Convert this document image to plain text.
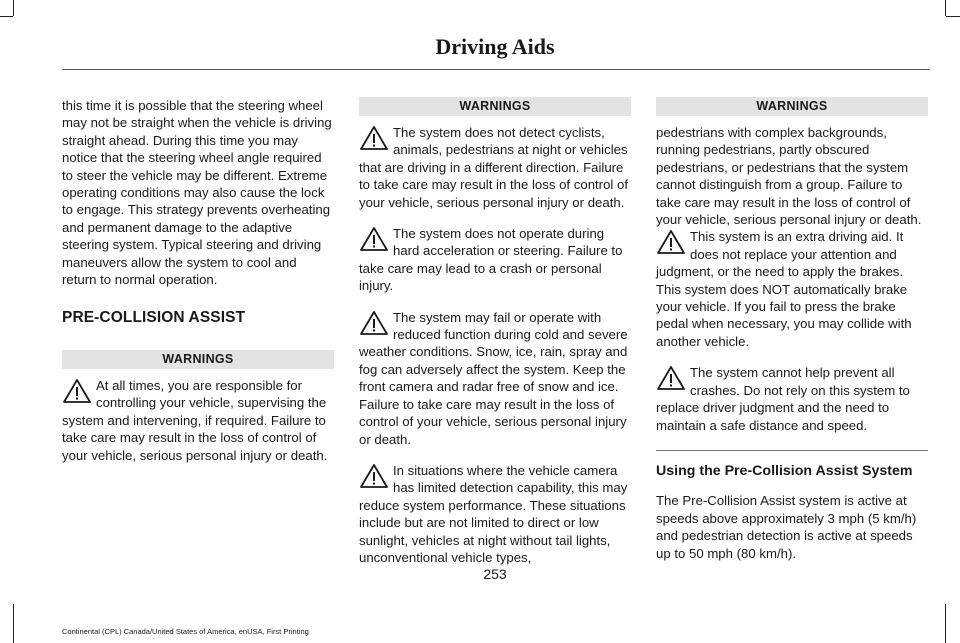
Driving Aids

this time it is possible that the steering wheel may not be straight when the vehicle is driving straight ahead. During this time you may notice that the steering wheel angle required to steer the vehicle may be different. Extreme operating conditions may also cause the lock to engage. This strategy prevents overheating and permanent damage to the adaptive steering system. Typical steering and driving maneuvers allow the system to cool and return to normal operation.

PRE-COLLISION ASSIST

WARNINGS
At all times, you are responsible for controlling your vehicle, supervising the system and intervening, if required. Failure to take care may result in the loss of control of your vehicle, serious personal injury or death.
WARNINGS
The system does not detect cyclists, animals, pedestrians at night or vehicles that are driving in a different direction. Failure to take care may result in the loss of control of your vehicle, serious personal injury or death.
The system does not operate during hard acceleration or steering. Failure to take care may lead to a crash or personal injury.
The system may fail or operate with reduced function during cold and severe weather conditions. Snow, ice, rain, spray and fog can adversely affect the system. Keep the front camera and radar free of snow and ice. Failure to take care may result in the loss of control of your vehicle, serious personal injury or death.
In situations where the vehicle camera has limited detection capability, this may reduce system performance. These situations include but are not limited to direct or low sunlight, vehicles at night without tail lights, unconventional vehicle types,
WARNINGS

pedestrians with complex backgrounds, running pedestrians, partly obscured pedestrians, or pedestrians that the system cannot distinguish from a group. Failure to take care may result in the loss of control of your vehicle, serious personal injury or death.

This system is an extra driving aid. It does not replace your attention and judgment, or the need to apply the brakes. This system does NOT automatically brake your vehicle. If you fail to press the brake pedal when necessary, you may collide with another vehicle.
The system cannot help prevent all crashes. Do not rely on this system to replace driver judgment and the need to maintain a safe distance and speed.

Using the Pre-Collision Assist System

The Pre-Collision Assist system is active at speeds above approximately 3 mph (5 km/h) and pedestrian detection is active at speeds up to 50 mph (80 km/h).

253
Continental (CPL) Canada/United States of America, enUSA, First Printing
